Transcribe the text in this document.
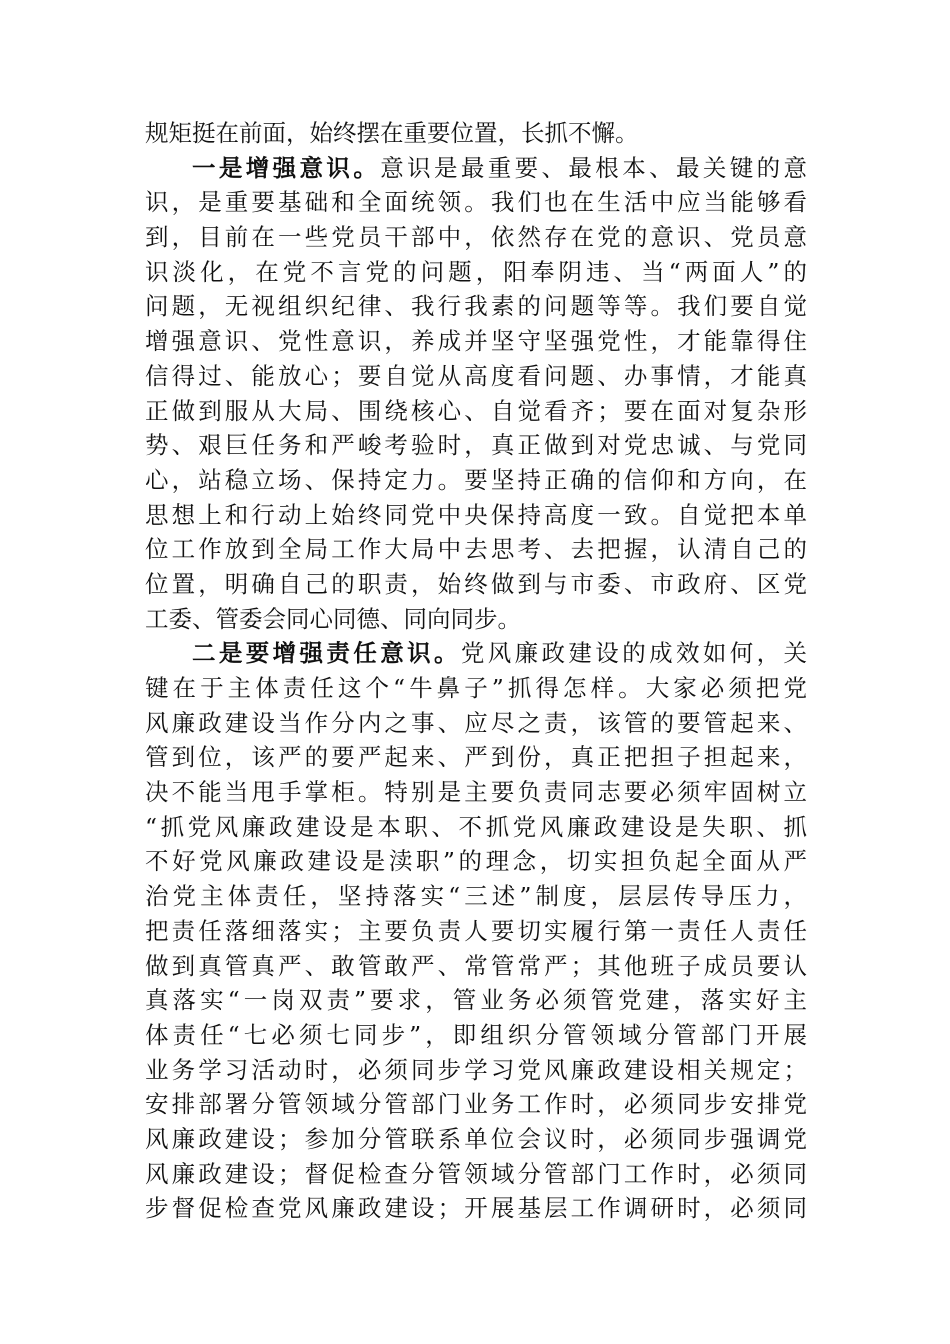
规矩挺在前面，始终摆在重要位置，长抓不懈。
一是增强意识。意识是最重要、最根本、最关键的意
识，是重要基础和全面统领。我们也在生活中应当能够看
到，目前在一些党员干部中，依然存在党的意识、党员意
识淡化，在党不言党的问题，阳奉阴违、当“两面人”的
问题，无视组织纪律、我行我素的问题等等。我们要自觉
增强意识、党性意识，养成并坚守坚强党性，才能靠得住
信得过、能放心；要自觉从高度看问题、办事情，才能真
正做到服从大局、围绕核心、自觉看齐；要在面对复杂形
势、艰巨任务和严峻考验时，真正做到对党忠诚、与党同
心，站稳立场、保持定力。要坚持正确的信仰和方向，在
思想上和行动上始终同党中央保持高度一致。自觉把本单
位工作放到全局工作大局中去思考、去把握，认清自己的
位置，明确自己的职责，始终做到与市委、市政府、区党
工委、管委会同心同德、同向同步。
二是要增强责任意识。党风廉政建设的成效如何，关
键在于主体责任这个“牛鼻子”抓得怎样。大家必须把党
风廉政建设当作分内之事、应尽之责，该管的要管起来、
管到位，该严的要严起来、严到份，真正把担子担起来，
决不能当甩手掌柜。特别是主要负责同志要必须牢固树立
“抓党风廉政建设是本职、不抓党风廉政建设是失职、抓
不好党风廉政建设是渎职”的理念，切实担负起全面从严
治党主体责任，坚持落实“三述”制度，层层传导压力，
把责任落细落实；主要负责人要切实履行第一责任人责任
做到真管真严、敢管敢严、常管常严；其他班子成员要认
真落实“一岗双责”要求，管业务必须管党建，落实好主
体责任“七必须七同步”，即组织分管领域分管部门开展
业务学习活动时，必须同步学习党风廉政建设相关规定；
安排部署分管领域分管部门业务工作时，必须同步安排党
风廉政建设；参加分管联系单位会议时，必须同步强调党
风廉政建设；督促检查分管领域分管部门工作时，必须同
步督促检查党风廉政建设；开展基层工作调研时，必须同
